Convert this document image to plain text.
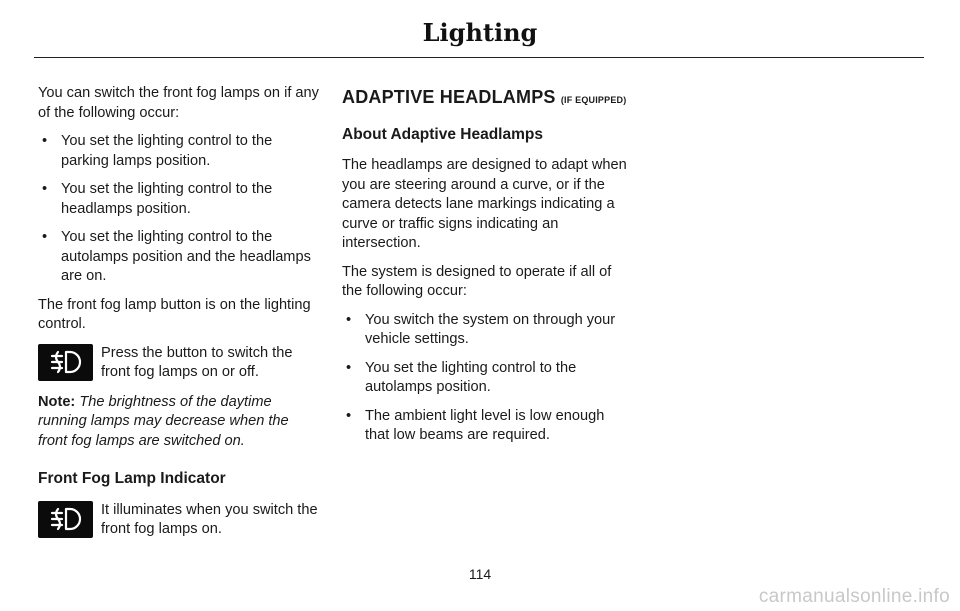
Lighting

You can switch the front fog lamps on if any of the following occur:

• You set the lighting control to the parking lamps position.
• You set the lighting control to the headlamps position.
• You set the lighting control to the autolamps position and the headlamps are on.

The front fog lamp button is on the lighting control.

Press the button to switch the front fog lamps on or off.

Note: The brightness of the daytime running lamps may decrease when the front fog lamps are switched on.

Front Fog Lamp Indicator
It illuminates when you switch the front fog lamps on.
ADAPTIVE HEADLAMPS (IF EQUIPPED)
About Adaptive Headlamps

The headlamps are designed to adapt when you are steering around a curve, or if the camera detects lane markings indicating a curve or traffic signs indicating an intersection.

The system is designed to operate if all of the following occur:

• You switch the system on through your vehicle settings.
• You set the lighting control to the autolamps position.
• The ambient light level is low enough that low beams are required.
114
carmanualsonline.info
